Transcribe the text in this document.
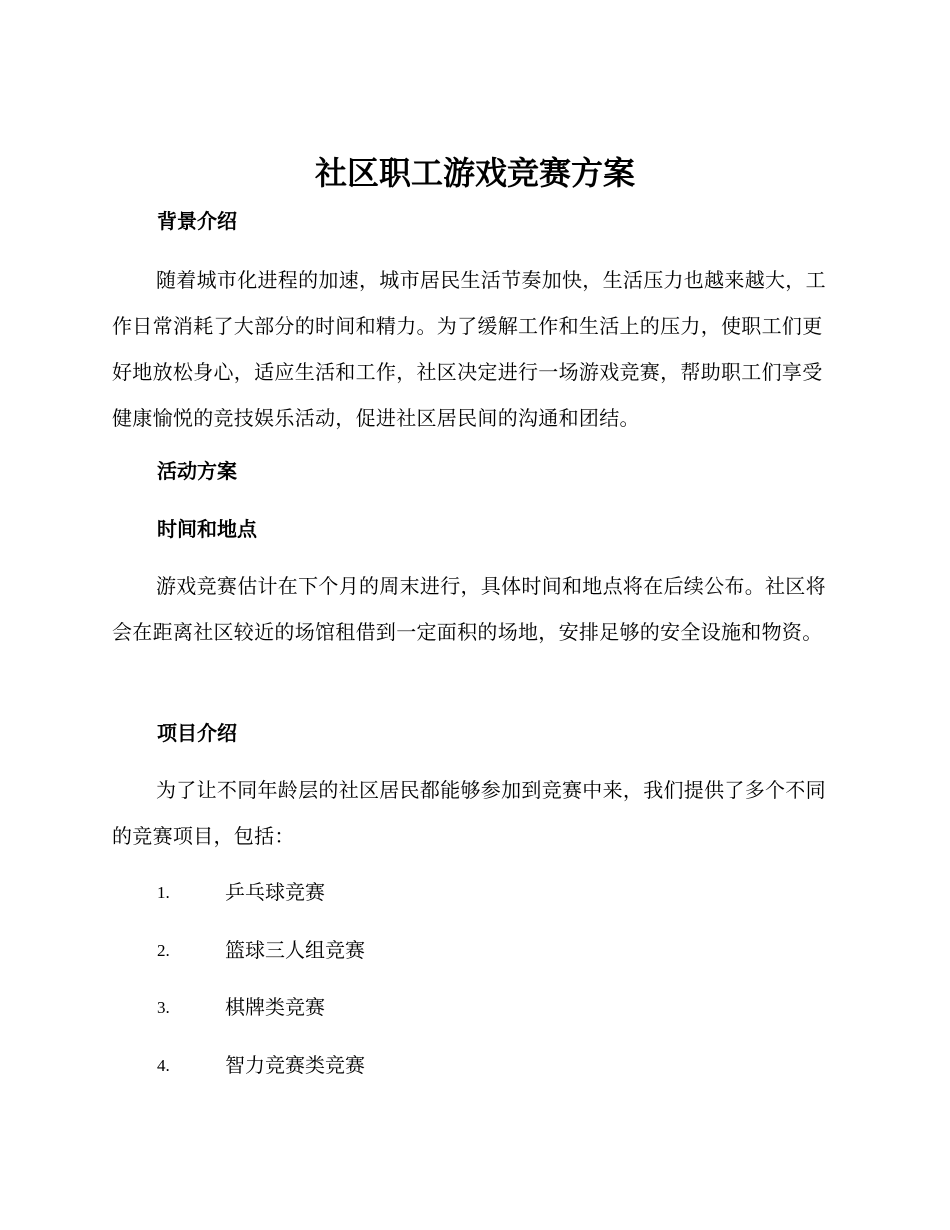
社区职工游戏竞赛方案
背景介绍

随着城市化进程的加速，城市居民生活节奏加快，生活压力也越来越大，工作日常消耗了大部分的时间和精力。为了缓解工作和生活上的压力，使职工们更好地放松身心，适应生活和工作，社区决定进行一场游戏竞赛，帮助职工们享受健康愉悦的竞技娱乐活动，促进社区居民间的沟通和团结。

活动方案
时间和地点

游戏竞赛估计在下个月的周末进行，具体时间和地点将在后续公布。社区将会在距离社区较近的场馆租借到一定面积的场地，安排足够的安全设施和物资。

项目介绍

为了让不同年龄层的社区居民都能够参加到竞赛中来，我们提供了多个不同的竞赛项目，包括：

1.	乒乓球竞赛
2.	篮球三人组竞赛
3.	棋牌类竞赛
4.	智力竞赛类竞赛
